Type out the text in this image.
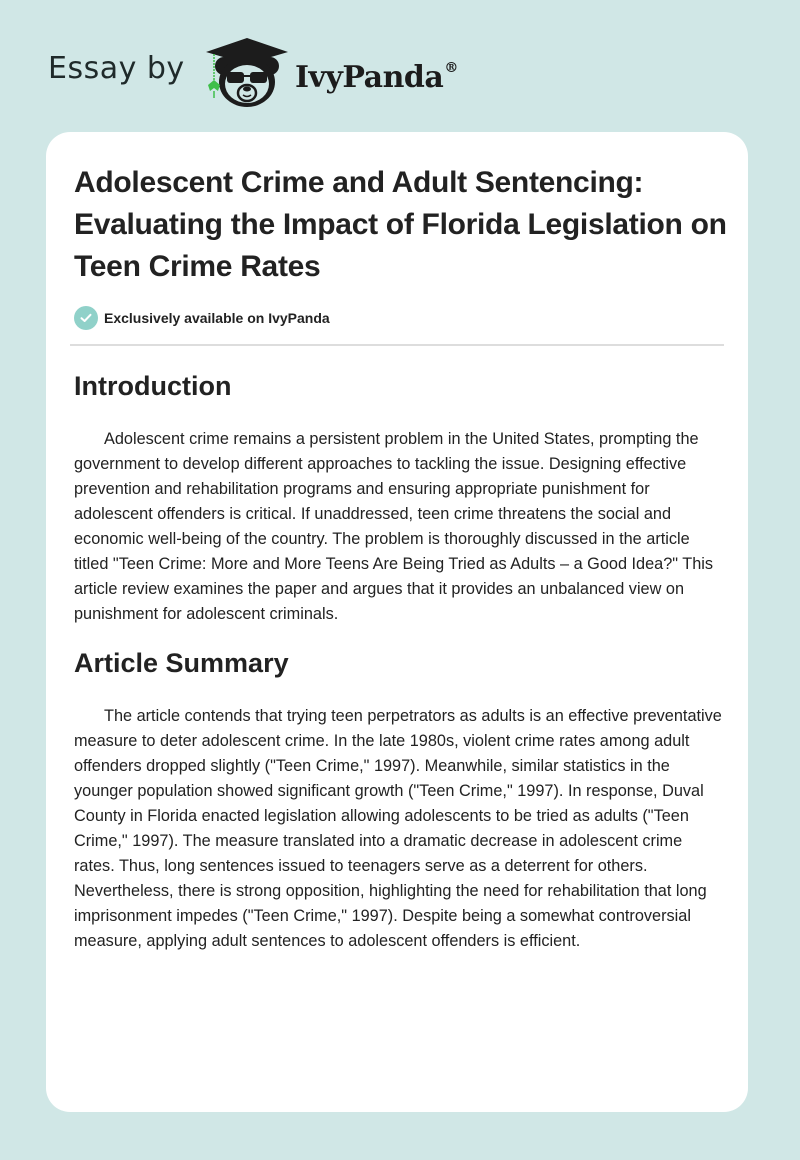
Essay by	IvyPanda®
Adolescent Crime and Adult Sentencing: Evaluating the Impact of Florida Legislation on Teen Crime Rates
Exclusively available on IvyPanda
Introduction

Adolescent crime remains a persistent problem in the United States, prompting the government to develop different approaches to tackling the issue. Designing effective prevention and rehabilitation programs and ensuring appropriate punishment for adolescent offenders is critical. If unaddressed, teen crime threatens the social and economic well-being of the country. The problem is thoroughly discussed in the article titled "Teen Crime: More and More Teens Are Being Tried as Adults – a Good Idea?" This article review examines the paper and argues that it provides an unbalanced view on punishment for adolescent criminals.

Article Summary

The article contends that trying teen perpetrators as adults is an effective preventative measure to deter adolescent crime. In the late 1980s, violent crime rates among adult offenders dropped slightly ("Teen Crime," 1997). Meanwhile, similar statistics in the younger population showed significant growth ("Teen Crime," 1997). In response, Duval County in Florida enacted legislation allowing adolescents to be tried as adults ("Teen Crime," 1997). The measure translated into a dramatic decrease in adolescent crime rates. Thus, long sentences issued to teenagers serve as a deterrent for others. Nevertheless, there is strong opposition, highlighting the need for rehabilitation that long imprisonment impedes ("Teen Crime," 1997). Despite being a somewhat controversial measure, applying adult sentences to adolescent offenders is efficient.
